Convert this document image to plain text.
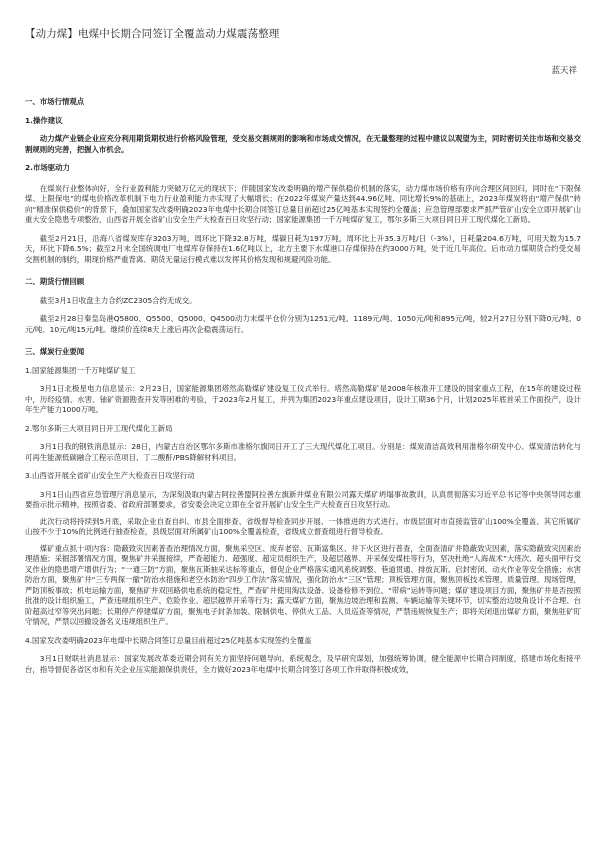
【动力煤】电煤中长期合同签订全覆盖动力煤震荡整理
蓝天祥

一、市场行情观点

1.操作建议

动力煤产业链企业应充分利用期货期权进行价格风险管理，受交易交割规则的影响和市场成交情况，在无量整理的过程中建议以观望为主，同时密切关注市场和交易交割规则的完善，把握入市机会。

2.市场驱动力

在煤炭行业整体向好，全行业盈利能力突破万亿元的现状下；伴随国家发改委明确的增产保供稳价机制的落实，动力煤市场价格有序向合理区间回归，同时在“下限保煤、上限保电”的煤电价格改革机制下电力行业盈利能力亦实现了大幅增长；在2022年煤炭产量达到44.96亿吨、同比增长9%的基础上，2023年煤炭将由“增产保供”转向“精准保供稳价”的背景下，叠加国家发改委明确2023年电煤中长期合同签订总量目前超过25亿吨基本实现签约全覆盖；应急管理部要求严抓严管矿山安全立即开展矿山重大安全隐患专项整治，山西省开展全省矿山安全生产大检查百日攻坚行动；国家能源集团一千万吨煤矿复工，鄂尔多斯三大项目同日开工现代煤化工新局。

截至2月21日，沿海八省煤炭库存3203万吨，周环比下降32.8万吨，煤碳日耗为197万吨，周环比上升35.3万吨/日（-3%），日耗量204.6万吨，可用天数为15.7天，环比下降6.5%；截至2月末全国统调电厂电煤库存保持在1.6亿吨以上，北方主要下水煤港口存煤保持在约3000万吨，处于近几年高位。后市动力煤期货合约受交易交割机制的制约，期现价格严重背离、期货无量运行模式难以发挥其价格发现和规避风险功能。

二、期货行情回顾

截至3月1日收盘主力合约ZC2305合约无成交。

截至2月28日秦皇岛港Q5800、Q5500、Q5000、Q4500动力末煤平仓价分别为1251元/吨、1189元/吨、1050元/吨和895元/吨，较2月27日分别下降0元/吨、0元/吨、10元/吨15元/吨。继续价连续8天上涨后再次企稳震荡运行。

三、煤炭行业要闻

1.国家能源集团一千万吨煤矿复工

3月1日北极星电力信息显示：2月23日，国家能源集团塔然高勒煤矿建设复工仪式举行。塔然高勒煤矿是2008年核准开工建设的国家重点工程，在15年的建设过程中，历经疫情、水害、铀矿资源勘查开发等困难的考验，于2023年2月复工，并列为集团2023年重点建设项目，设计工期36个月，计划2025年底首采工作面投产，设计年生产能力1000万吨。

2.鄂尔多斯三大项目同日开工现代煤化工新局

3月1日我的钢铁消息显示：28日，内蒙古自治区鄂尔多斯市准格尔旗同日开工了三大现代煤化工项目。分别是：煤炭清洁高效利用准格尔研发中心、煤炭清洁转化与可再生能源低碳融合工程示范项目、丁二酸酐/PBS降解材料项目。

3.山西省开展全省矿山安全生产大检查百日攻坚行动

3月1日山西省应急管理厅消息显示，为深刻汲取内蒙古阿拉善盟阿拉善左旗新井煤业有限公司露天煤矿坍塌事故教训，认真贯彻落实习近平总书记等中央领导同志重要指示批示精神，按照省委、省政府部署要求，省安委会决定立即在全省开展矿山安全生产大检查百日攻坚行动。

此次行动将持续到5月底，采取企业自查自纠、市县全面排查、省级督导检查同步开展、一体推进的方式进行。市级层面对市直接监管矿山100%全覆盖、其它所属矿山按不少于10%的比例进行抽查检查，县级层面对所属矿山100%全覆盖检查，省级成立督查组进行督导检查。

煤矿重点抓十项内容：隐蔽致灾因素普查治理情况方面，聚焦采空区、废弃老窑、瓦斯富集区、井下火区进行普查，全面查清矿井隐蔽致灾因素，落实隐蔽致灾因素治理措施；采掘部署情况方面，聚焦矿井采掘接续，严查超能力、超强度、超定员组织生产，及超层越界、开采保安煤柱等行为，坚决杜绝“人海战术”大班次、超头面甲行交叉作业的隐患增产增供行为；“一通三防”方面，聚焦瓦斯抽采达标等重点，督促企业严格落实通风系统调整、巷道贯通、排放瓦斯、启封密闭、动火作业等安全措施；水害防治方面，聚焦矿井“三专两探一撤”防治水措施和老空水防治“四步工作法”落实情况，强化防治水“三区”管理；顶板管理方面，聚焦顶板技术管理、质量管理、现场管理，严防顶板事故；机电运输方面，聚焦矿井双回路供电系统的稳定性，严查矿井使用淘汰设备、设备检修不到位、“带病”运转等问题；煤矿建设项目方面，聚焦矿井是否按照批准的设计组织施工，严查违规组织生产、危险作业、超层越界开采等行为；露天煤矿方面，聚焦边坡治理和监测、车辆运输等关键环节，切实整治边坡角设计不合理、台阶超高过窄等突出问题；长期停产停建煤矿方面，聚焦电子封条加装、限制供电、停供火工品、人员巡查等情况，严禁违规恢复生产；即将关闭退出煤矿方面，聚焦驻矿盯守情况，严禁以回撤设备名义违规组织生产。

4.国家发改委明确2023年电煤中长期合同签订总量目前超过25亿吨基本实现签约全覆盖

3月1日财联社消息显示：国家发展改革委近期会同有关方面坚持问题导向、系统观念，及早研究谋划，加强统筹协调，健全能源中长期合同制度，搭建市场化衔接平台，指导督促各省区市和有关企业压实能源保供责任，全力做好2023年电煤中长期合同签订各项工作并取得积极成效，
